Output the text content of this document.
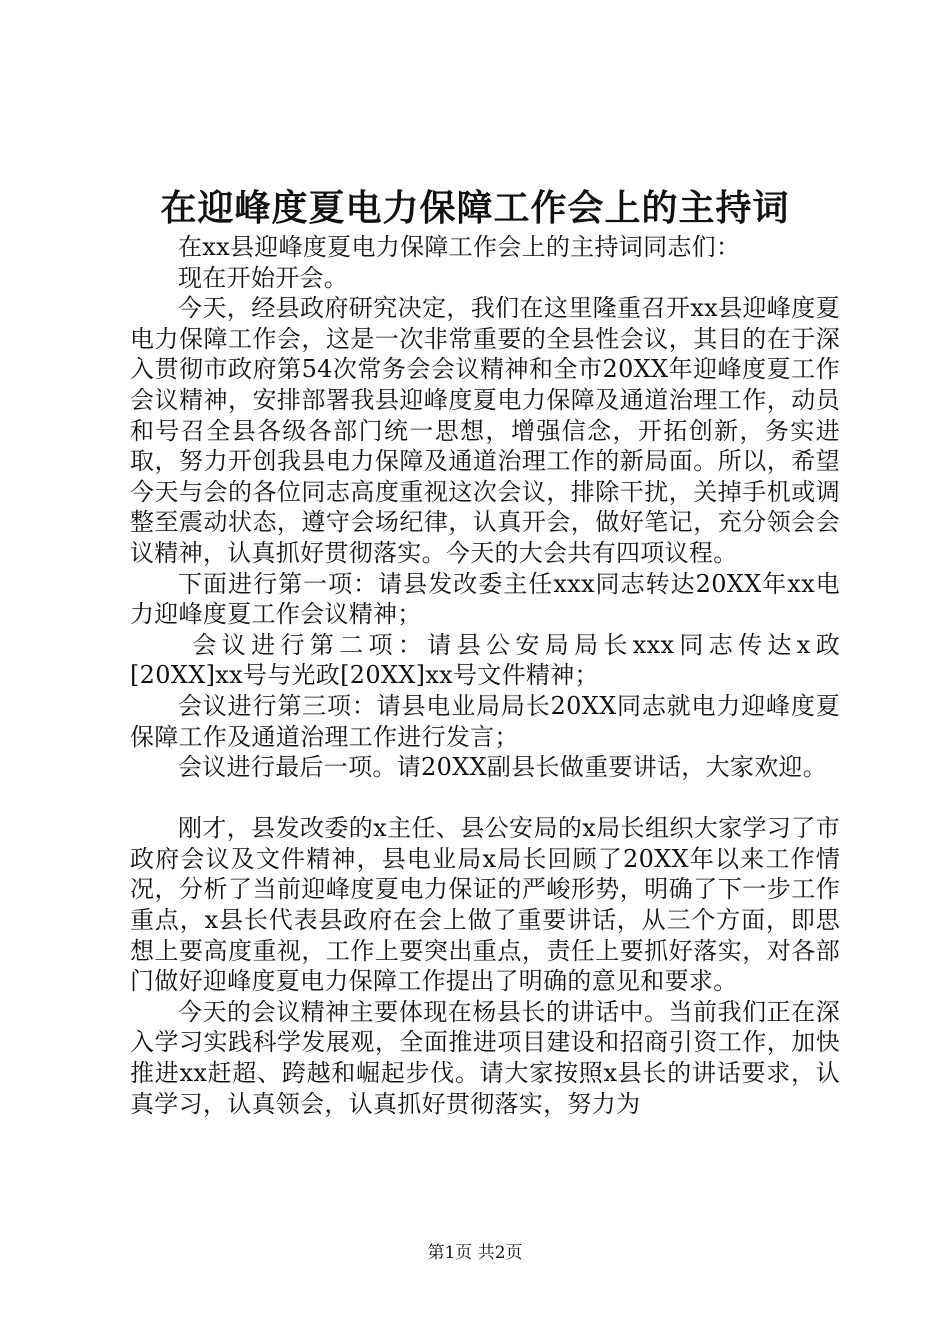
在迎峰度夏电力保障工作会上的主持词

在xx县迎峰度夏电力保障工作会上的主持词同志们：

现在开始开会。

今天，经县政府研究决定，我们在这里隆重召开xx县迎峰度夏电力保障工作会，这是一次非常重要的全县性会议，其目的在于深入贯彻市政府第54次常务会会议精神和全市20XX年迎峰度夏工作会议精神，安排部署我县迎峰度夏电力保障及通道治理工作，动员和号召全县各级各部门统一思想，增强信念，开拓创新，务实进取，努力开创我县电力保障及通道治理工作的新局面。所以，希望今天与会的各位同志高度重视这次会议，排除干扰，关掉手机或调整至震动状态，遵守会场纪律，认真开会，做好笔记，充分领会会议精神，认真抓好贯彻落实。今天的大会共有四项议程。

下面进行第一项：请县发改委主任xxx同志转达20XX年xx电力迎峰度夏工作会议精神；

会议进行第二项：请县公安局局长xxx同志传达x政[20XX]xx号与光政[20XX]xx号文件精神；

会议进行第三项：请县电业局局长20XX同志就电力迎峰度夏保障工作及通道治理工作进行发言；

会议进行最后一项。请20XX副县长做重要讲话，大家欢迎。

刚才，县发改委的x主任、县公安局的x局长组织大家学习了市政府会议及文件精神，县电业局x局长回顾了20XX年以来工作情况，分析了当前迎峰度夏电力保证的严峻形势，明确了下一步工作重点，x县长代表县政府在会上做了重要讲话，从三个方面，即思想上要高度重视，工作上要突出重点，责任上要抓好落实，对各部门做好迎峰度夏电力保障工作提出了明确的意见和要求。

今天的会议精神主要体现在杨县长的讲话中。当前我们正在深入学习实践科学发展观，全面推进项目建设和招商引资工作，加快推进xx赶超、跨越和崛起步伐。请大家按照x县长的讲话要求，认真学习，认真领会，认真抓好贯彻落实，努力为

第1页 共2页
